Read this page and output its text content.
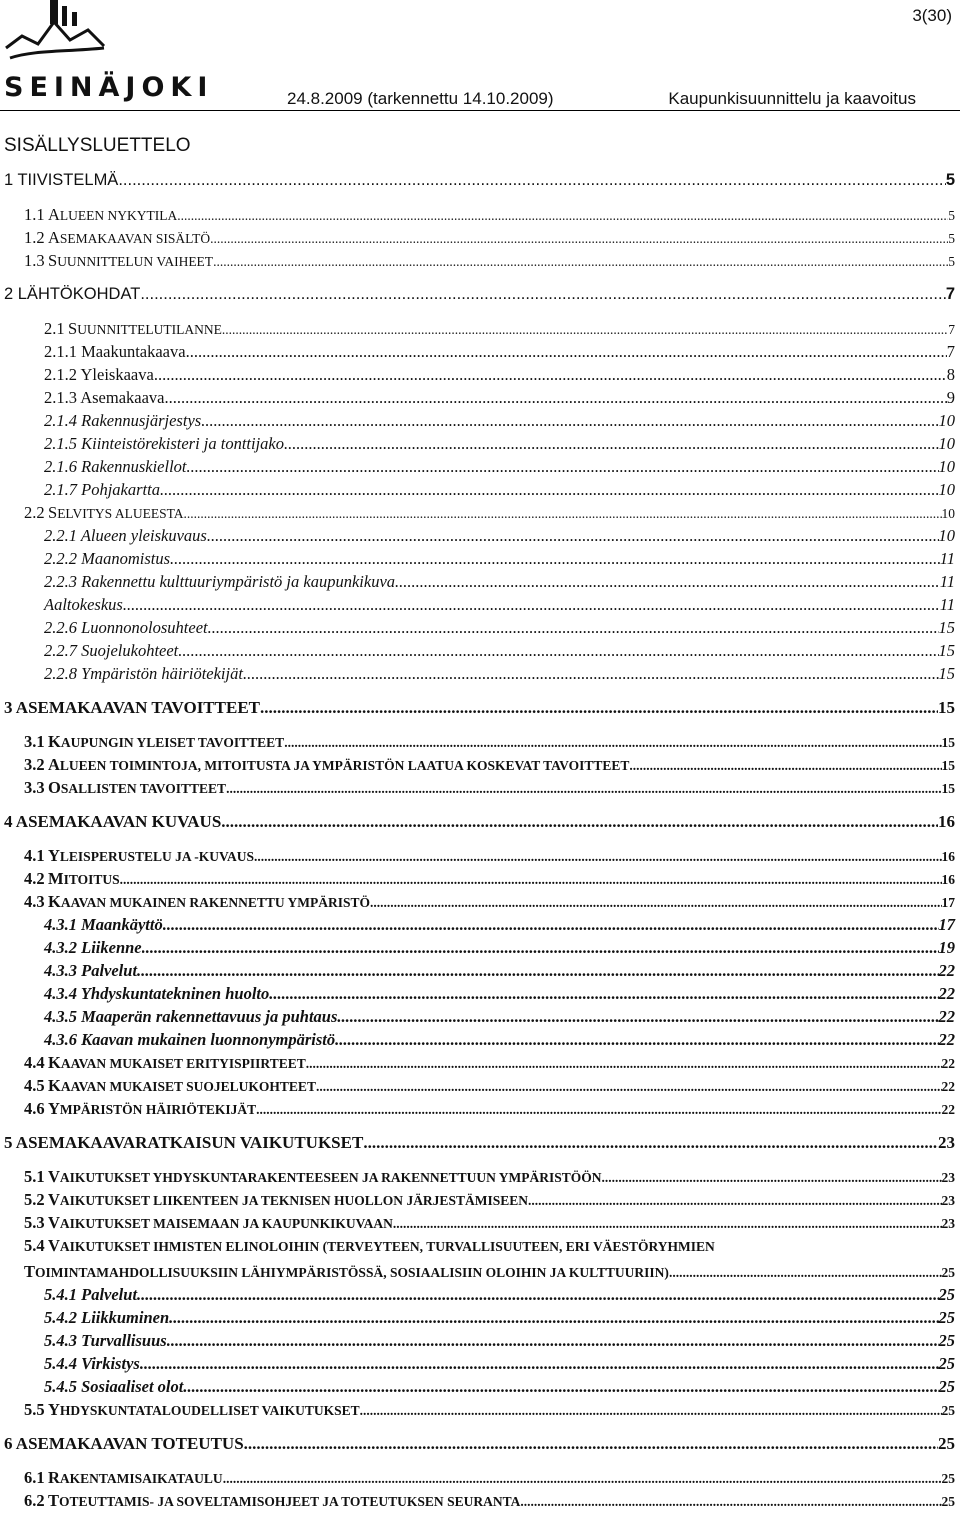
SEINÄJOKI
3(30)
24.8.2009 (tarkennettu 14.10.2009)	Kaupunkisuunnittelu ja kaavoitus
SISÄLLYSLUETTELO
1 TIIVISTELMÄ .....	5
1.1 ALUEEN NYKYTILA .....	5
1.2 ASEMAKAAVAN SISÄLTÖ .....	5
1.3 SUUNNITTELUN VAIHEET .....	5
2 LÄHTÖKOHDAT .....	7
2.1 SUUNNITTELUTILANNE .....	7
2.1.1 Maakuntakaava .....	7
2.1.2 Yleiskaava .....	8
2.1.3 Asemakaava .....	9
2.1.4 Rakennusjärjestys .....	10
2.1.5 Kiinteistörekisteri ja tonttijako .....	10
2.1.6 Rakennuskiellot .....	10
2.1.7 Pohjakartta .....	10
2.2 SELVITYS ALUEESTA .....	10
2.2.1 Alueen yleiskuvaus .....	10
2.2.2 Maanomistus .....	11
2.2.3 Rakennettu kulttuuriympäristö ja kaupunkikuva .....	11
Aaltokeskus .....	11
2.2.6 Luonnonolosuhteet .....	15
2.2.7 Suojelukohteet .....	15
2.2.8 Ympäristön häiriötekijät .....	15
3 ASEMAKAAVAN TAVOITTEET .....	15
3.1 KAUPUNGIN YLEISET TAVOITTEET .....	15
3.2 ALUEEN TOIMINTOJA, MITOITUSTA JA YMPÄRISTÖN LAATUA KOSKEVAT TAVOITTEET .....	15
3.3 OSALLISTEN TAVOITTEET .....	15
4 ASEMAKAAVAN KUVAUS .....	16
4.1 YLEISPERUSTELU JA -KUVAUS .....	16
4.2 MITOITUS .....	16
4.3 KAAVAN MUKAINEN RAKENNETTU YMPÄRISTÖ .....	17
4.3.1 Maankäyttö .....	17
4.3.2 Liikenne .....	19
4.3.3 Palvelut .....	22
4.3.4 Yhdyskuntatekninen huolto .....	22
4.3.5 Maaperän rakennettavuus ja puhtaus .....	22
4.3.6 Kaavan mukainen luonnonympäristö .....	22
4.4 KAAVAN MUKAISET ERITYISPIIRTEET .....	22
4.5 KAAVAN MUKAISET SUOJELUKOHTEET .....	22
4.6 YMPÄRISTÖN HÄIRIÖTEKIJÄT .....	22
5 ASEMAKAAVARATKAISUN VAIKUTUKSET .....	23
5.1 VAIKUTUKSET YHDYSKUNTARAKENTEESEEN JA RAKENNETTUUN YMPÄRISTÖÖN .....	23
5.2 VAIKUTUKSET LIIKENTEEN JA TEKNISEN HUOLLON JÄRJESTÄMISEEN .....	23
5.3 VAIKUTUKSET MAISEMAAN JA KAUPUNKIKUVAAN .....	23
5.4 VAIKUTUKSET IHMISTEN ELINOLOIHIN (TERVEYTEEN, TURVALLISUUTEEN, ERI VÄESTÖRYHMIEN
TOIMINTAMAHDOLLISUUKSIIN LÄHIYMPÄRISTÖSSÄ, SOSIAALISIIN OLOIHIN JA KULTTUURIIN) .....	25
5.4.1 Palvelut .....	25
5.4.2 Liikkuminen .....	25
5.4.3 Turvallisuus .....	25
5.4.4 Virkistys .....	25
5.4.5 Sosiaaliset olot .....	25
5.5 YHDYSKUNTATALOUDELLISET VAIKUTUKSET .....	25
6 ASEMAKAAVAN TOTEUTUS .....	25
6.1 RAKENTAMISAIKATAULU .....	25
6.2 TOTEUTTAMIS- JA SOVELTAMISOHJEET JA TOTEUTUKSEN SEURANTA .....	25
